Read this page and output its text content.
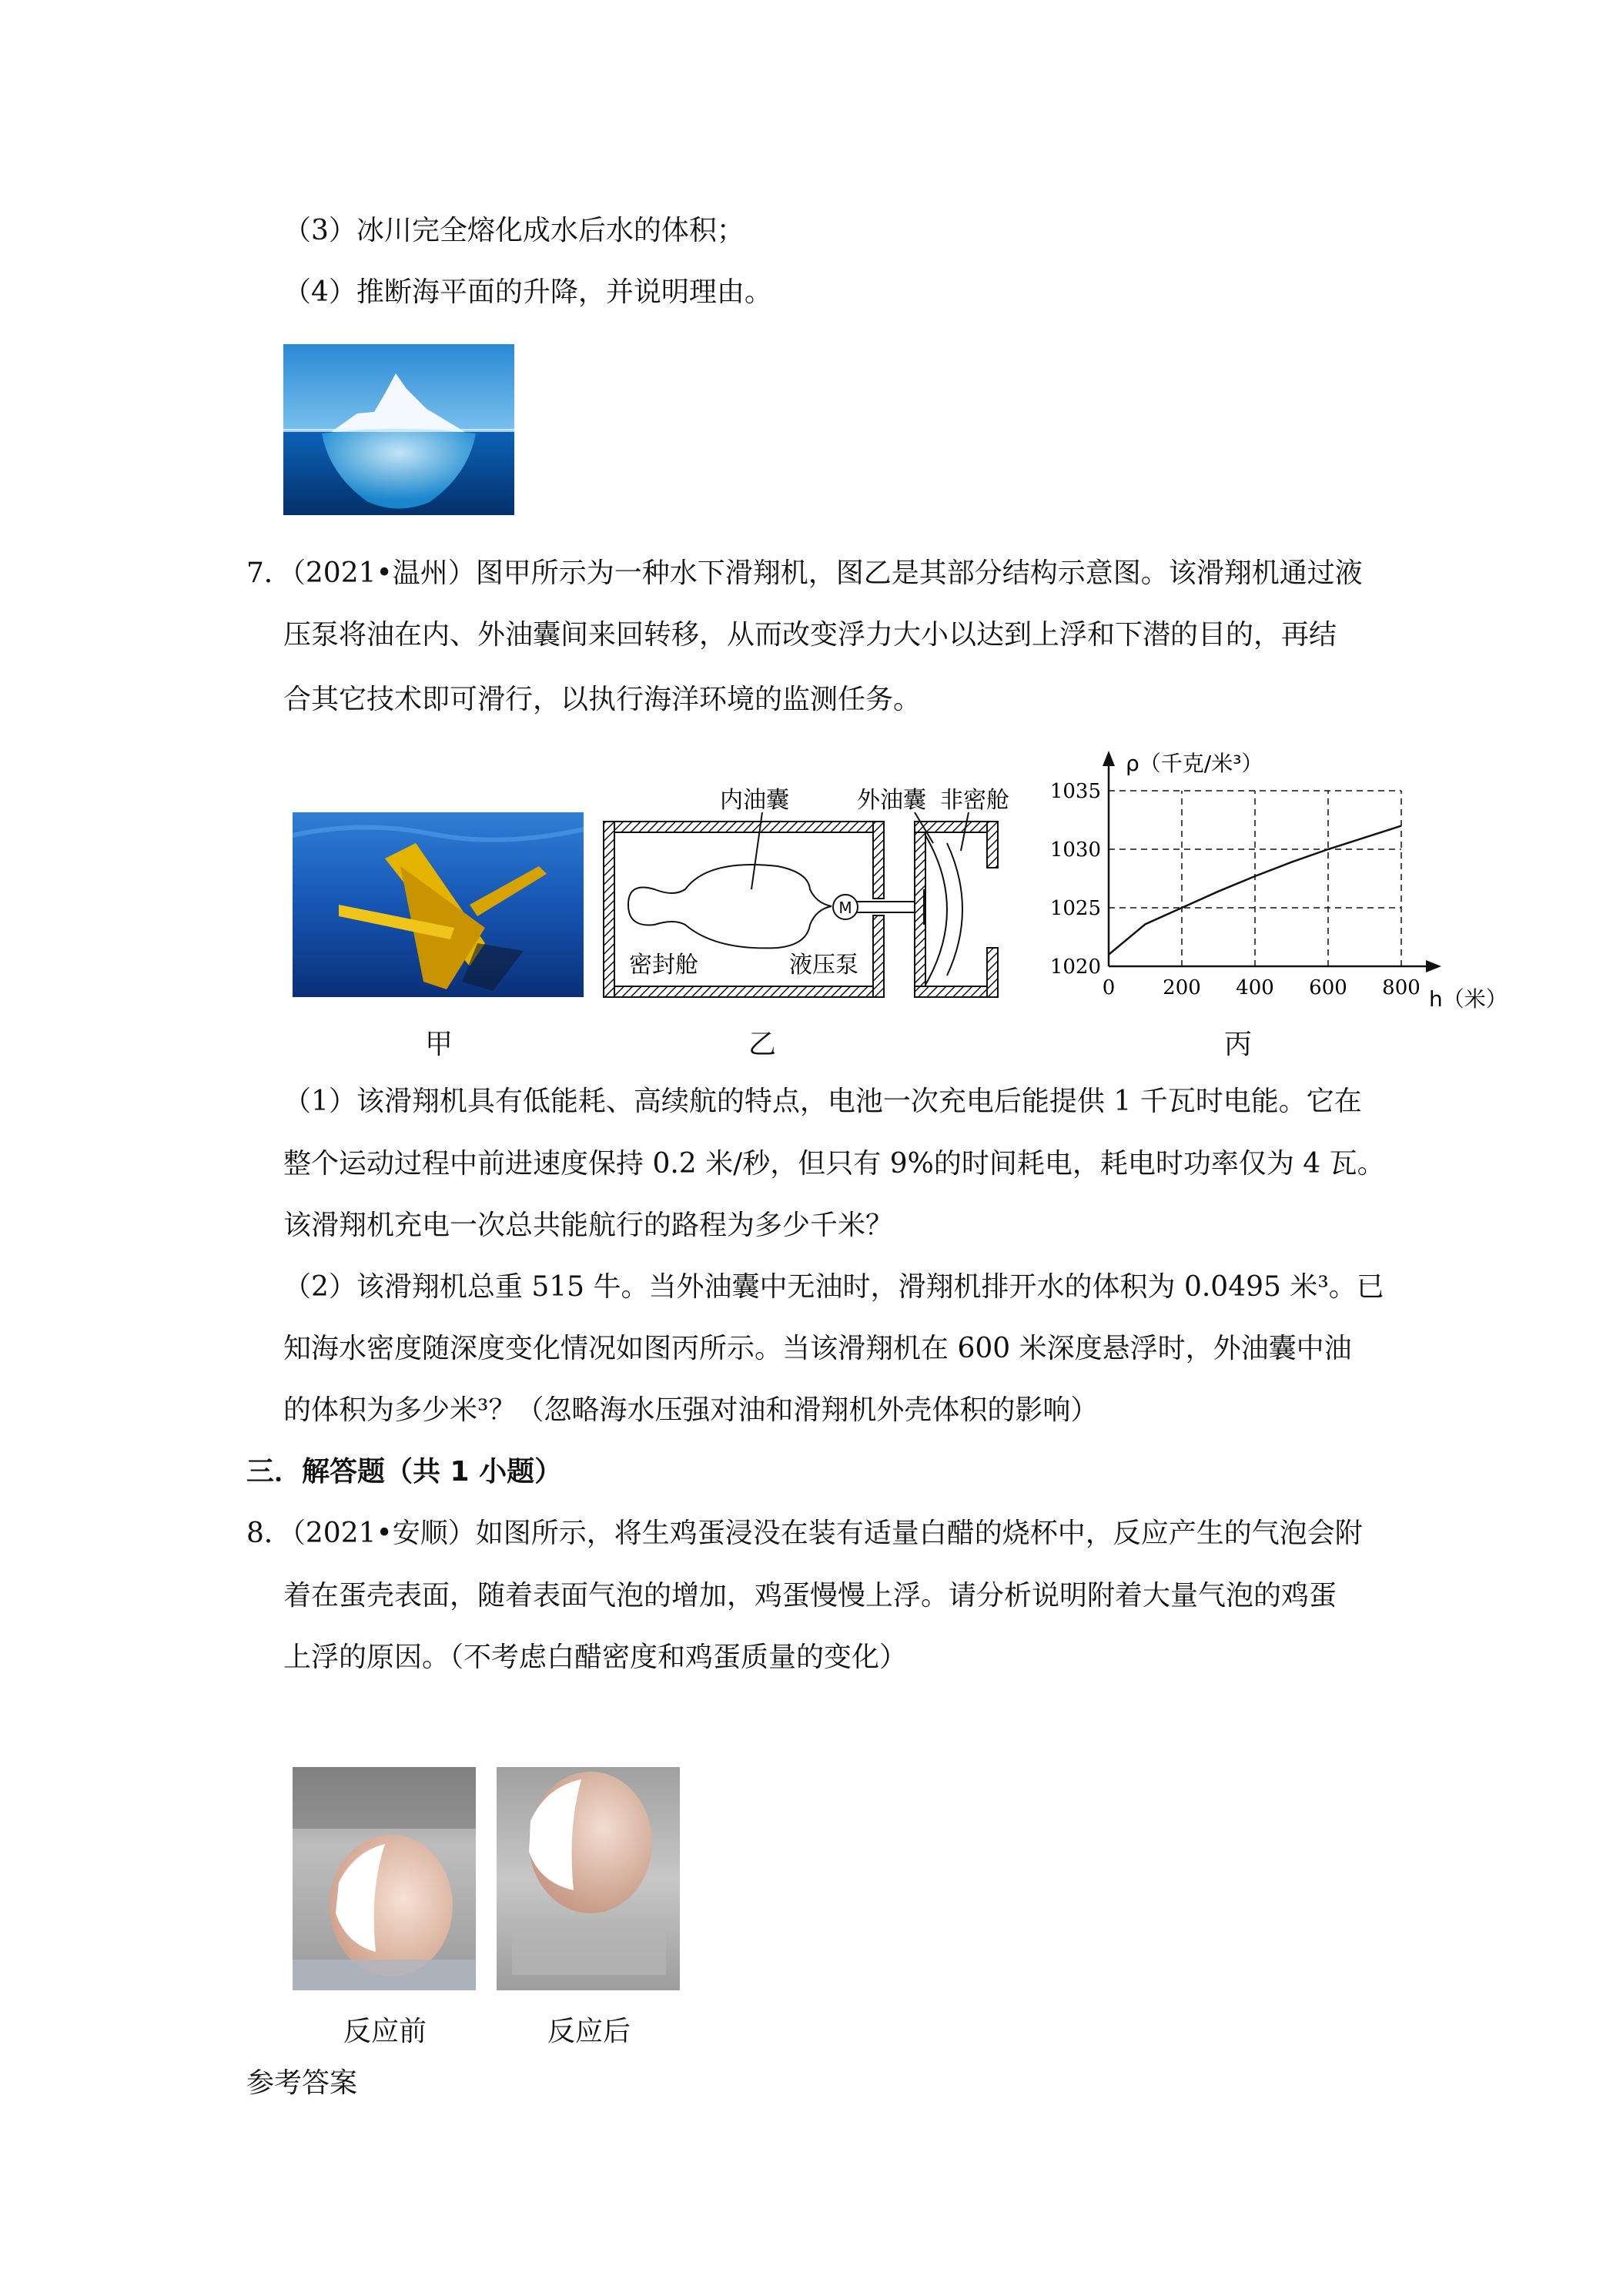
（3）冰川完全熔化成水后水的体积；
（4）推断海平面的升降，并说明理由。
7．（2021•温州）图甲所示为一种水下滑翔机，图乙是其部分结构示意图。该滑翔机通过液
压泵将油在内、外油囊间来回转移，从而改变浮力大小以达到上浮和下潜的目的，再结
合其它技术即可滑行，以执行海洋环境的监测任务。
甲
M
内油囊	外油囊 非密舱
密封舱	液压泵
乙
0 200 400 600 800
1020
1025
1030
1035
ρ（千克/米³）
h（米）
丙
（1）该滑翔机具有低能耗、高续航的特点，电池一次充电后能提供 1 千瓦时电能。它在
整个运动过程中前进速度保持 0.2 米/秒，但只有 9%的时间耗电，耗电时功率仅为 4 瓦。
该滑翔机充电一次总共能航行的路程为多少千米？
（2）该滑翔机总重 515 牛。当外油囊中无油时，滑翔机排开水的体积为 0.0495 米³。已
知海水密度随深度变化情况如图丙所示。当该滑翔机在 600 米深度悬浮时，外油囊中油
的体积为多少米³？（忽略海水压强对油和滑翔机外壳体积的影响）
三．解答题（共 1 小题）
8．（2021•安顺）如图所示，将生鸡蛋浸没在装有适量白醋的烧杯中，反应产生的气泡会附
着在蛋壳表面，随着表面气泡的增加，鸡蛋慢慢上浮。请分析说明附着大量气泡的鸡蛋
上浮的原因。（不考虑白醋密度和鸡蛋质量的变化）
反应前	反应后
参考答案
